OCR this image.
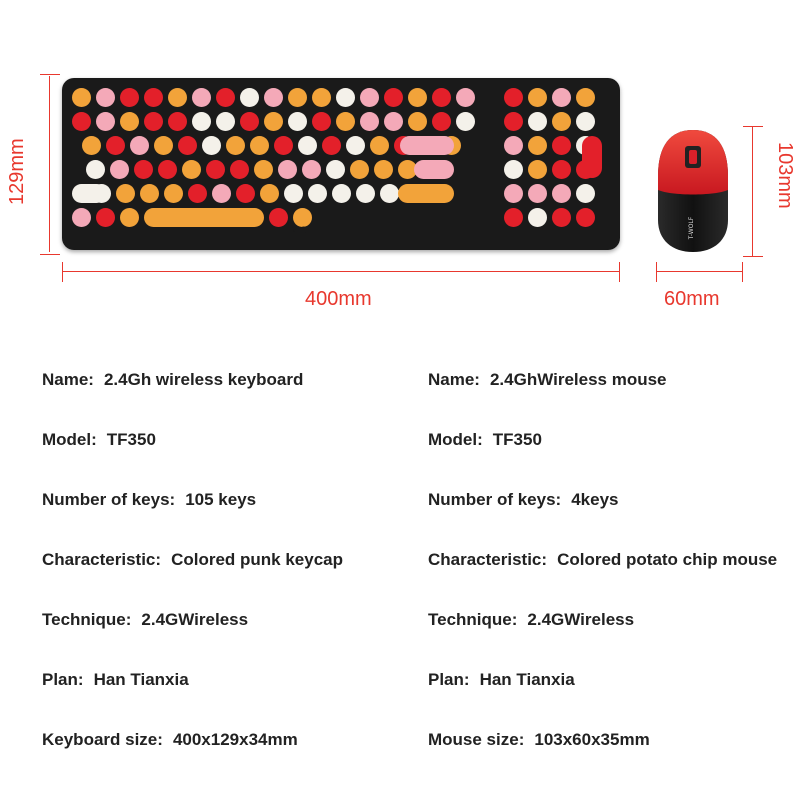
129mm
T-WOLF
400mm
T-WOLF
103mm
60mm
Name: 2.4Gh wireless keyboard
Model: TF350
Number of keys: 105 keys
Characteristic: Colored punk keycap
Technique: 2.4GWireless
Plan: Han Tianxia
Keyboard size: 400x129x34mm
Name: 2.4GhWireless mouse
Model: TF350
Number of keys: 4keys
Characteristic: Colored potato chip mouse
Technique: 2.4GWireless
Plan: Han Tianxia
Mouse size: 103x60x35mm
